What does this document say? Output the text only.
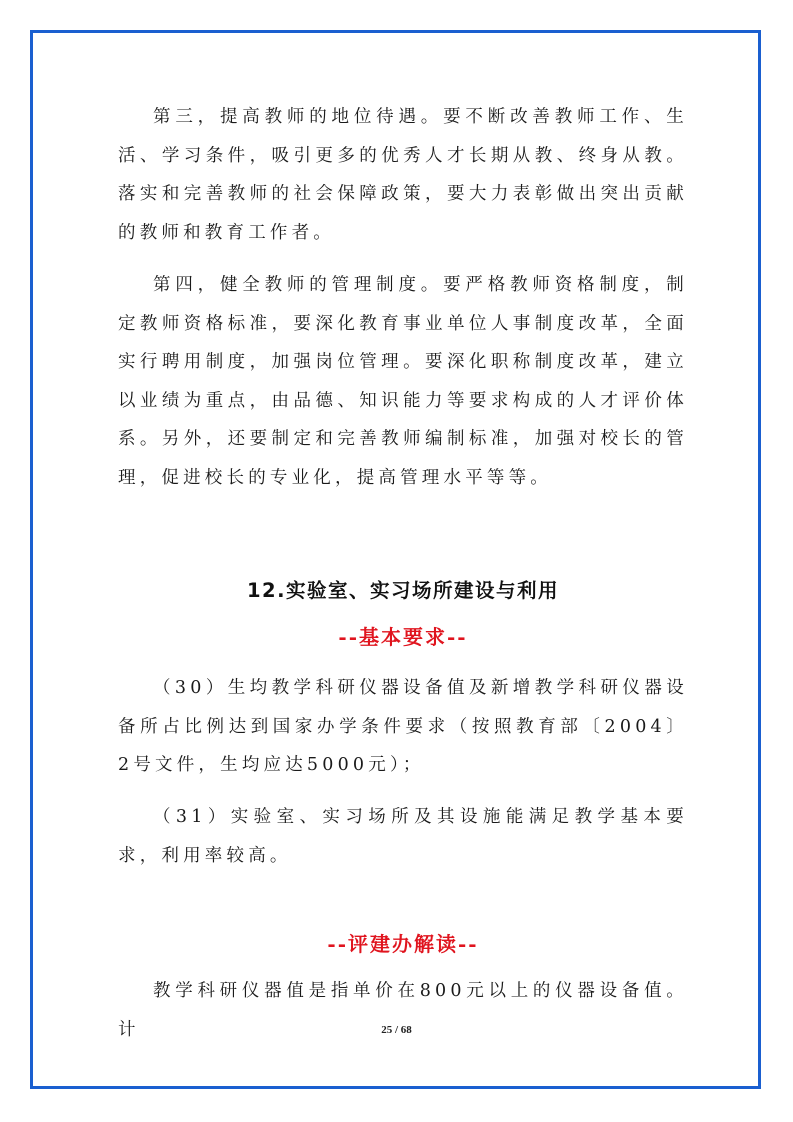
第三，提高教师的地位待遇。要不断改善教师工作、生活、学习条件，吸引更多的优秀人才长期从教、终身从教。落实和完善教师的社会保障政策，要大力表彰做出突出贡献的教师和教育工作者。

第四，健全教师的管理制度。要严格教师资格制度，制定教师资格标准，要深化教育事业单位人事制度改革，全面实行聘用制度，加强岗位管理。要深化职称制度改革，建立以业绩为重点，由品德、知识能力等要求构成的人才评价体系。另外，还要制定和完善教师编制标准，加强对校长的管理，促进校长的专业化，提高管理水平等等。

12.实验室、实习场所建设与利用
--基本要求--

（30）生均教学科研仪器设备值及新增教学科研仪器设备所占比例达到国家办学条件要求（按照教育部〔2004〕2号文件，生均应达5000元）；

（31）实验室、实习场所及其设施能满足教学基本要求，利用率较高。

--评建办解读--

教学科研仪器值是指单价在800元以上的仪器设备值。计	25 / 68
